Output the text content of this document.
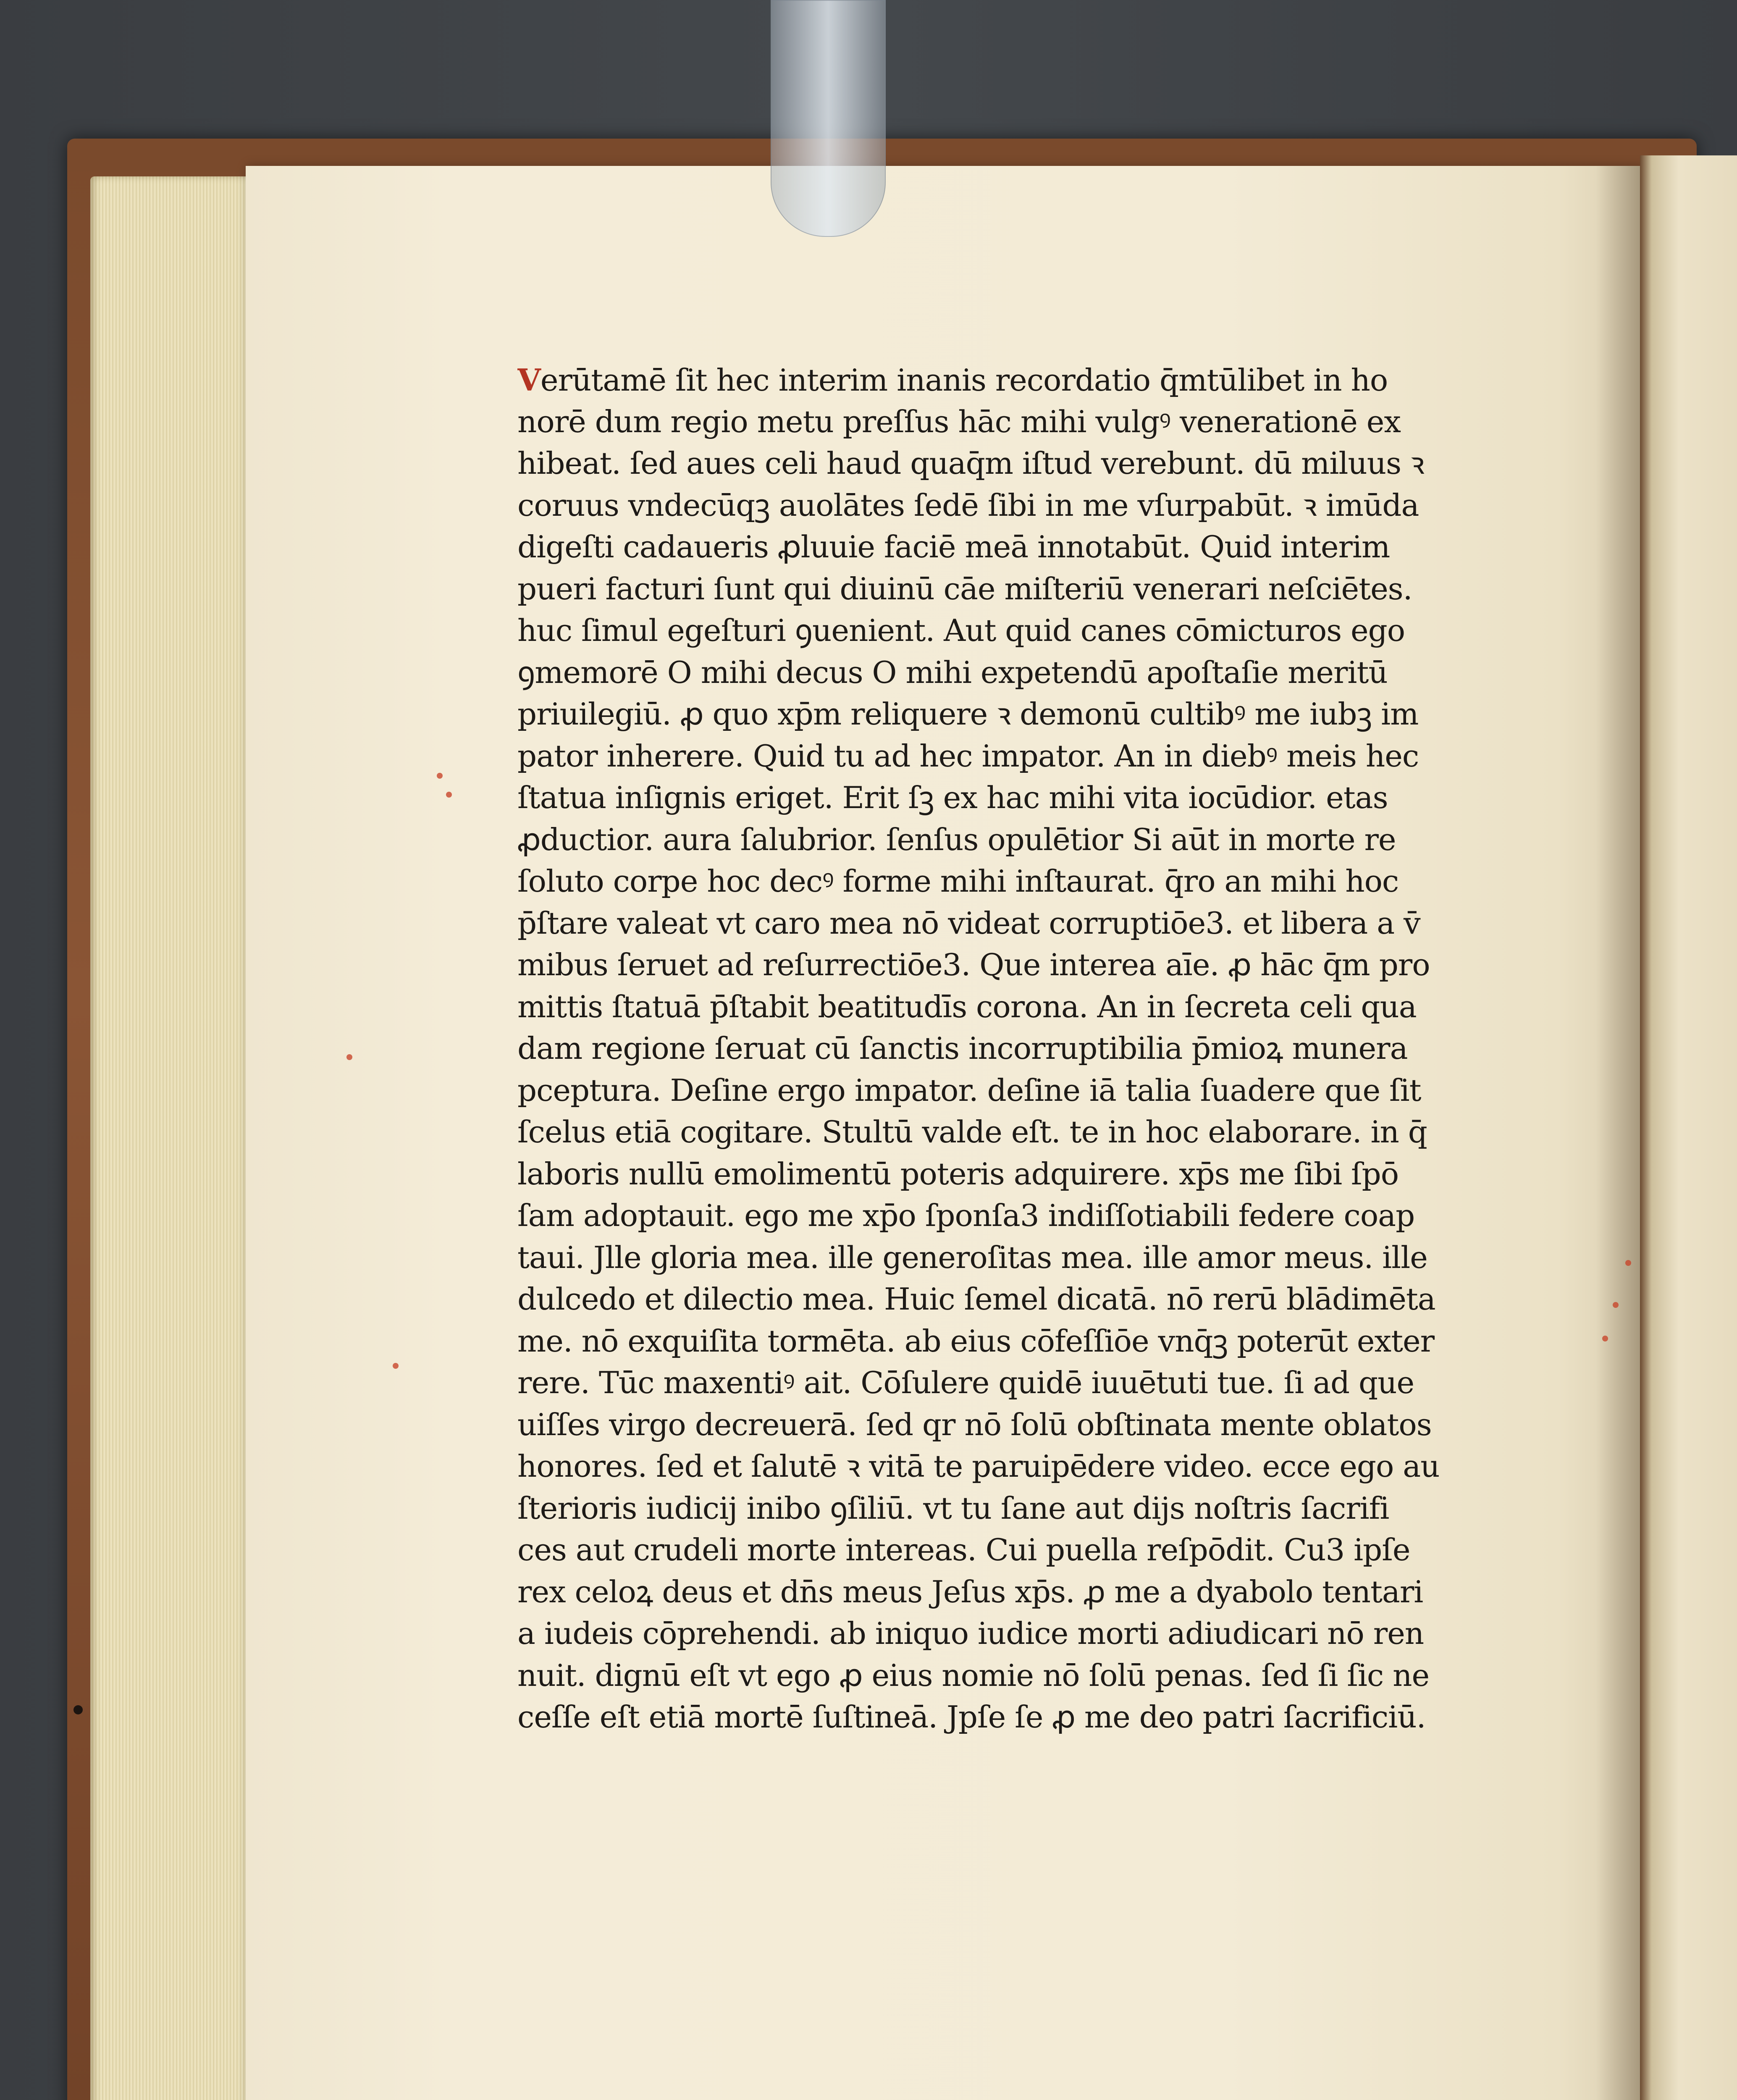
Verūtamē ſit hec interim inanis recordatio q̄mtūlibet in ho
norē dum regio metu preſſus hāc mihi vulgꝰ venerationē ex
hibeat. ſed aues celi haud quaq̄m iſtud verebunt. dū miluus ꝛ
coruus vndecūqꝫ auolātes ſedē ſibi in me vſurpabūt. ꝛ imūda
digeſti cadaueris ꝓluuie faciē meā innotabūt. Quid interim
pueri facturi ſunt qui diuinū cāe miſteriū venerari neſciētes.
huc ſimul egeſturi ꝯuenient. Aut quid canes cōmicturos ego
ꝯmemorē O mihi decus O mihi expetendū apoſtaſie meritū
priuilegiū. ꝓ quo xp̄m reliquere ꝛ demonū cultibꝰ me iubꝫ im
pator inherere. Quid tu ad hec impator. An in diebꝰ meis hec
ſtatua inſignis eriget. Erit ſꝫ ex hac mihi vita iocūdior. etas
ꝓductior. aura ſalubrior. ſenſus opulētior Si aūt in morte re
ſoluto corpe hoc decꝰ forme mihi inſtaurat. q̄ro an mihi hoc
p̄ſtare valeat vt caro mea nō videat corruptiōe3. et libera a v̄
mibus ſeruet ad reſurrectiōe3. Que interea aīe. ꝓ hāc q̄m pro
mittis ſtatuā p̄ſtabit beatitudīs corona. An in ſecreta celi qua
dam regione ſeruat cū ſanctis incorruptibilia p̄mioꝝ munera
pceptura. Deſine ergo impator. deſine iā talia ſuadere que ſit
ſcelus etiā cogitare. Stultū valde eſt. te in hoc elaborare. in q̄
laboris nullū emolimentū poteris adquirere. xp̄s me ſibi ſpō
ſam adoptauit. ego me xp̄o ſponſa3 indiſſotiabili federe coap
taui. Jlle gloria mea. ille generoſitas mea. ille amor meus. ille
dulcedo et dilectio mea. Huic ſemel dicatā. nō rerū blādimēta
me. nō exquiſita tormēta. ab eius cōfeſſiōe vnq̄ꝫ poterūt exter
rere. Tūc maxentiꝰ ait. Cōſulere quidē iuuētuti tue. ſi ad que
uiſſes virgo decreuerā. ſed qr nō ſolū obſtinata mente oblatos
honores. ſed et ſalutē ꝛ vitā te paruipēdere video. ecce ego au
ſterioris iudicij inibo ꝯſiliū. vt tu ſane aut dijs noſtris ſacrifi
ces aut crudeli morte intereas. Cui puella reſpōdit. Cu3 ipſe
rex celoꝝ deus et dn̄s meus Jeſus xp̄s. ꝓ me a dyabolo tentari
a iudeis cōprehendi. ab iniquo iudice morti adiudicari nō ren
nuit. dignū eſt vt ego ꝓ eius nomie nō ſolū penas. ſed ſi ſic ne
ceſſe eſt etiā mortē ſuſtineā. Jpſe ſe ꝓ me deo patri ſacrificiū.
